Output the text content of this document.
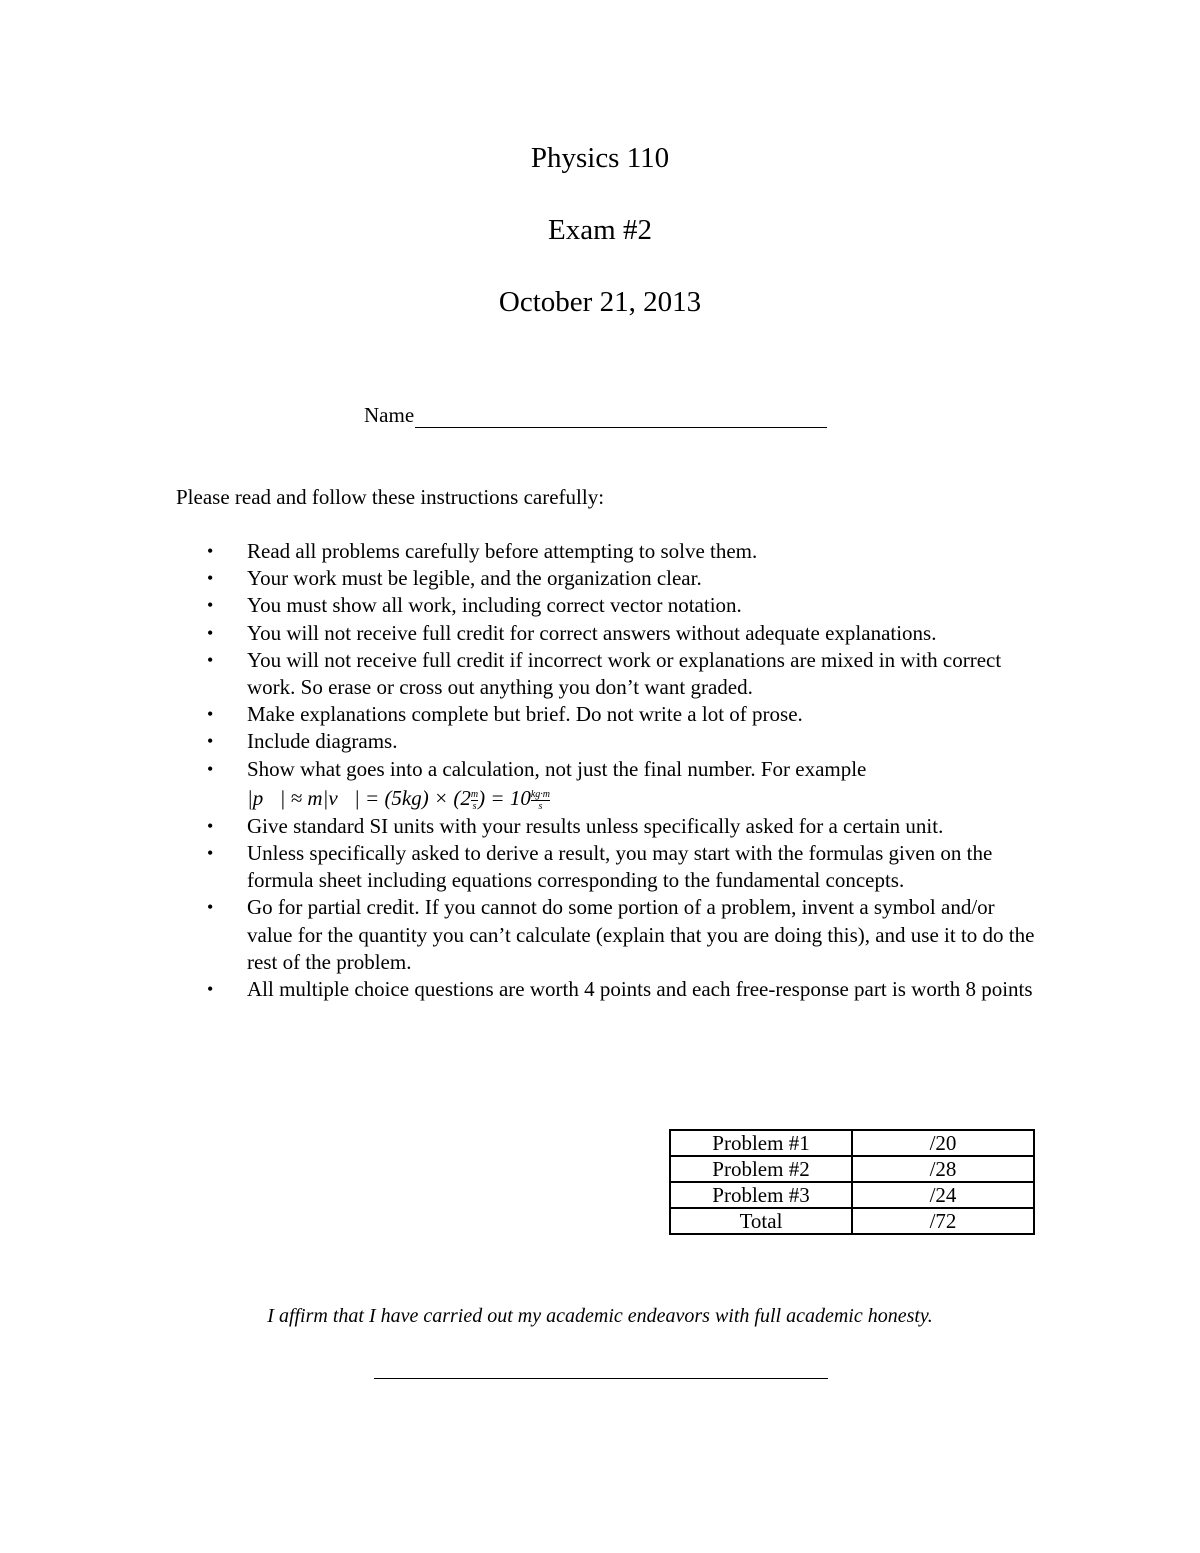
Physics 110
Exam #2
October 21, 2013
Name
Please read and follow these instructions carefully:
• Read all problems carefully before attempting to solve them.
• Your work must be legible, and the organization clear.
• You must show all work, including correct vector notation.
• You will not receive full credit for correct answers without adequate explanations.
• You will not receive full credit if incorrect work or explanations are mixed in with correct work. So erase or cross out anything you don’t want graded.
• Make explanations complete but brief. Do not write a lot of prose.
• Include diagrams.
• Show what goes into a calculation, not just the final number. For example
|p⃗| ≈ m|v⃗| = $(5kg) \times (2 \frac{m}{s}$ ) = $10 \frac{kg\cdot m}{s}$
• Give standard SI units with your results unless specifically asked for a certain unit.
• Unless specifically asked to derive a result, you may start with the formulas given on the formula sheet including equations corresponding to the fundamental concepts.
• Go for partial credit. If you cannot do some portion of a problem, invent a symbol and/or value for the quantity you can’t calculate (explain that you are doing this), and use it to do the rest of the problem.
• All multiple choice questions are worth 4 points and each free-response part is worth 8 points
Problem #1	/20
Problem #2	/28
Problem #3	/24
Total	/72
I affirm that I have carried out my academic endeavors with full academic honesty.
